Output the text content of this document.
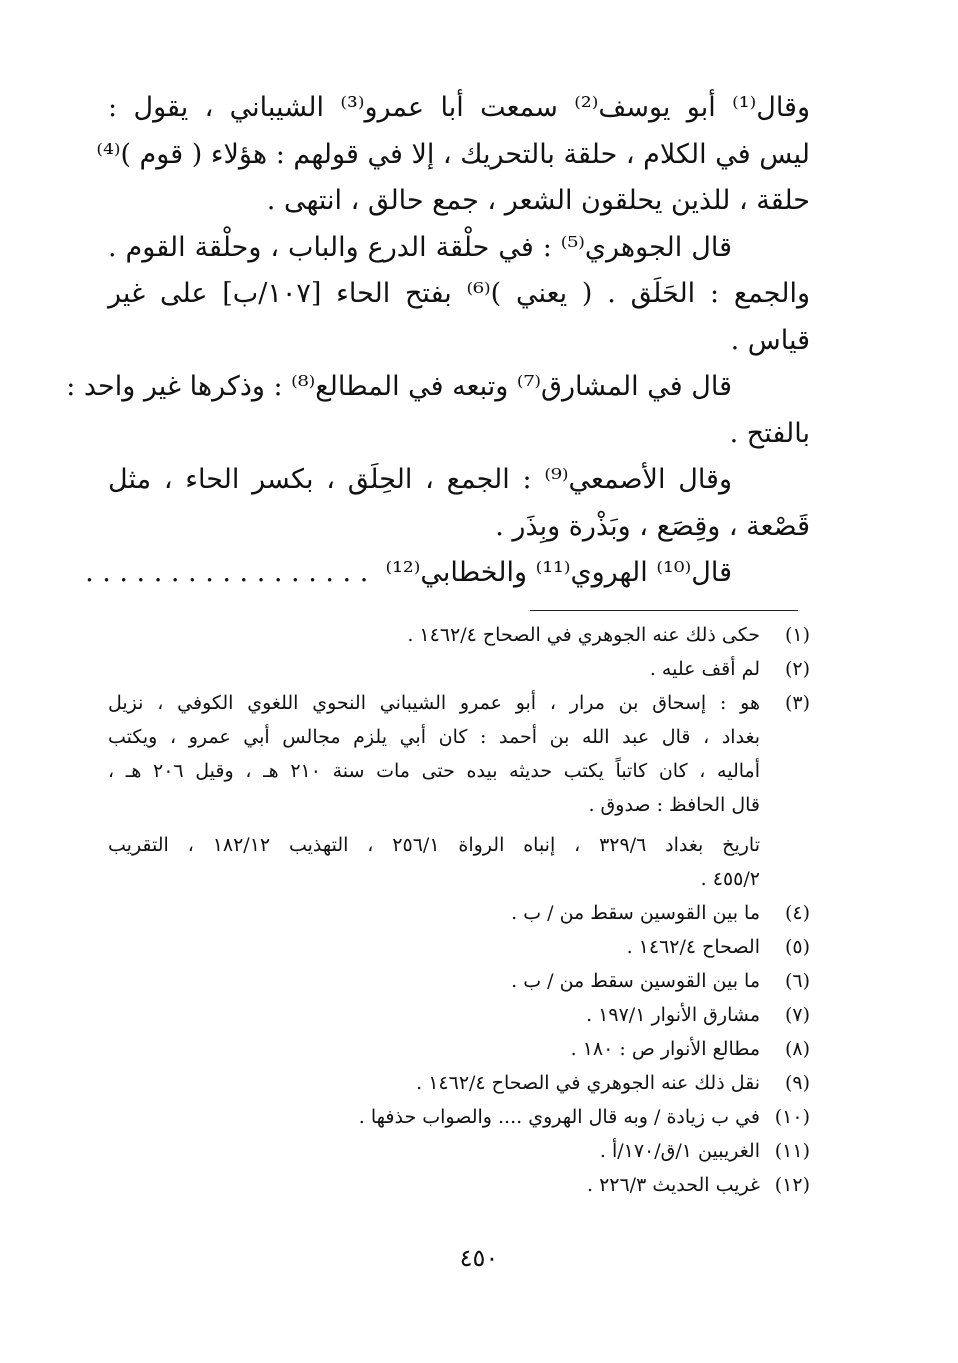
وقال⁽¹⁾ أبو يوسف⁽²⁾ سمعت أبا عمرو⁽³⁾ الشيباني ، يقول :
ليس في الكلام ، حلقة بالتحريك ، إلا في قولهم : هؤلاء ( قوم )⁽⁴⁾
حلقة ، للذين يحلقون الشعر ، جمع حالق ، انتهى .
قال الجوهري⁽⁵⁾ : في حلْقة الدرع والباب ، وحلْقة القوم .
والجمع : الحَلَق . ( يعني )⁽⁶⁾ بفتح الحاء [١٠٧/ب] على غير
قياس .
قال في المشارق⁽⁷⁾ وتبعه في المطالع⁽⁸⁾ : وذكرها غير واحد :
بالفتح .
وقال الأصمعي⁽⁹⁾ : الجمع ، الحِلَق ، بكسر الحاء ، مثل
قَصْعة ، وقِصَع ، وبَذْرة وبِذَر .
قال⁽¹⁰⁾ الهروي⁽¹¹⁾ والخطابي⁽¹²⁾  . . . . . . . . . . . . . . . . .
(١)
حكى ذلك عنه الجوهري في الصحاح ١٤٦٢/٤ .
(٢)
لم أقف عليه .
(٣)
هو : إسحاق بن مرار ، أبو عمرو الشيباني النحوي اللغوي الكوفي ، نزيل
بغداد ، قال عبد الله بن أحمد : كان أبي يلزم مجالس أبي عمرو ، ويكتب
أماليه ، كان كاتباً يكتب حديثه بيده حتى مات سنة ٢١٠ هـ ، وقيل ٢٠٦ هـ ،
قال الحافظ : صدوق .
تاريخ بغداد ٣٢٩/٦ ، إنباه الرواة ٢٥٦/١ ، التهذيب ١٨٢/١٢ ، التقريب
٤٥٥/٢ .
(٤)
ما بين القوسين سقط من / ب .
(٥)
الصحاح ١٤٦٢/٤ .
(٦)
ما بين القوسين سقط من / ب .
(٧)
مشارق الأنوار ١٩٧/١ .
(٨)
مطالع الأنوار ص : ١٨٠ .
(٩)
نقل ذلك عنه الجوهري في الصحاح ١٤٦٢/٤ .
(١٠)
في ب زيادة / وبه قال الهروي .... والصواب حذفها .
(١١)
الغريبين ١/ق/١٧٠/أ .
(١٢)
غريب الحديث ٢٢٦/٣ .
٤٥٠
